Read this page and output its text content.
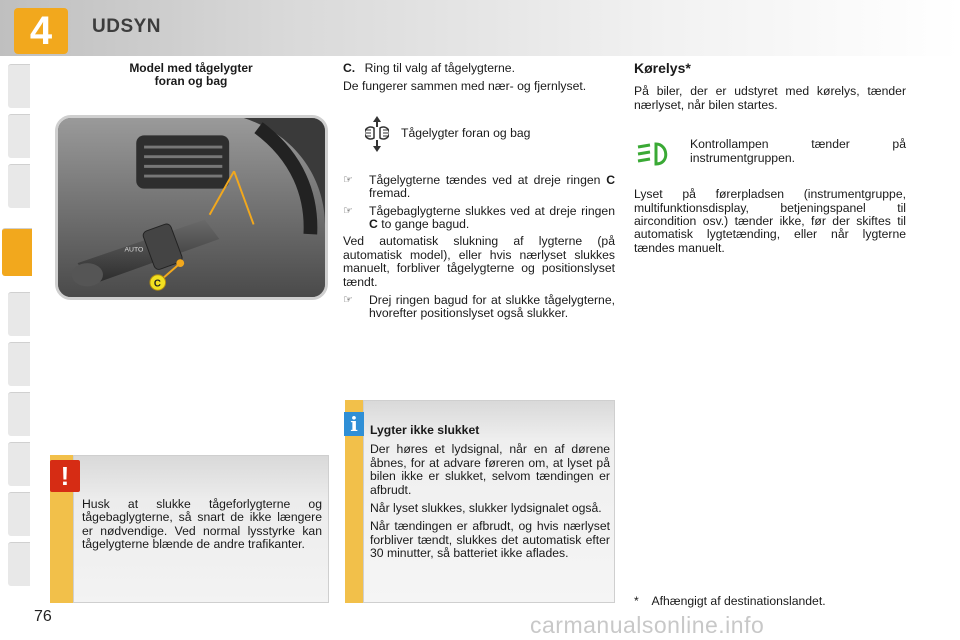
4	UDSYN
Model med tågelygter
foran og bag
AUTO
C
!
Husk at slukke tågeforlygterne og tågebaglygterne, så snart de ikke længere er nødvendige. Ved normal lysstyrke kan tågelygterne blænde de andre trafikanter.
76

C. Ring til valg af tågelygterne.

De fungerer sammen med nær- og fjernlyset.

Tågelygter foran og bag
☞	Tågelygterne tændes ved at dreje ringen C fremad.
☞	Tågebaglygterne slukkes ved at dreje ringen C to gange bagud.

Ved automatisk slukning af lygterne (på automatisk model), eller hvis nærlyset slukkes manuelt, forbliver tågelygterne og positionslyset tændt.

☞	Drej ringen bagud for at slukke tågelygterne, hvorefter positionslyset også slukker.
i	Lygter ikke slukket

Der høres et lydsignal, når en af dørene åbnes, for at advare føreren om, at lyset på bilen ikke er slukket, selvom tændingen er afbrudt.

Når lyset slukkes, slukker lydsignalet også.

Når tændingen er afbrudt, og hvis nærlyset forbliver tændt, slukkes det automatisk efter 30 minutter, så batteriet ikke aflades.

Kørelys*

På biler, der er udstyret med kørelys, tænder nærlyset, når bilen startes.

Kontrollampen tænder på instrumentgruppen.

Lyset på førerpladsen (instrumentgruppe, multifunktionsdisplay, betjeningspanel til aircondition osv.) tænder ikke, før der skiftes til automatisk lygtetænding, eller når lygterne tændes manuelt.

* Afhængigt af destinationslandet.
carmanualsonline.info
